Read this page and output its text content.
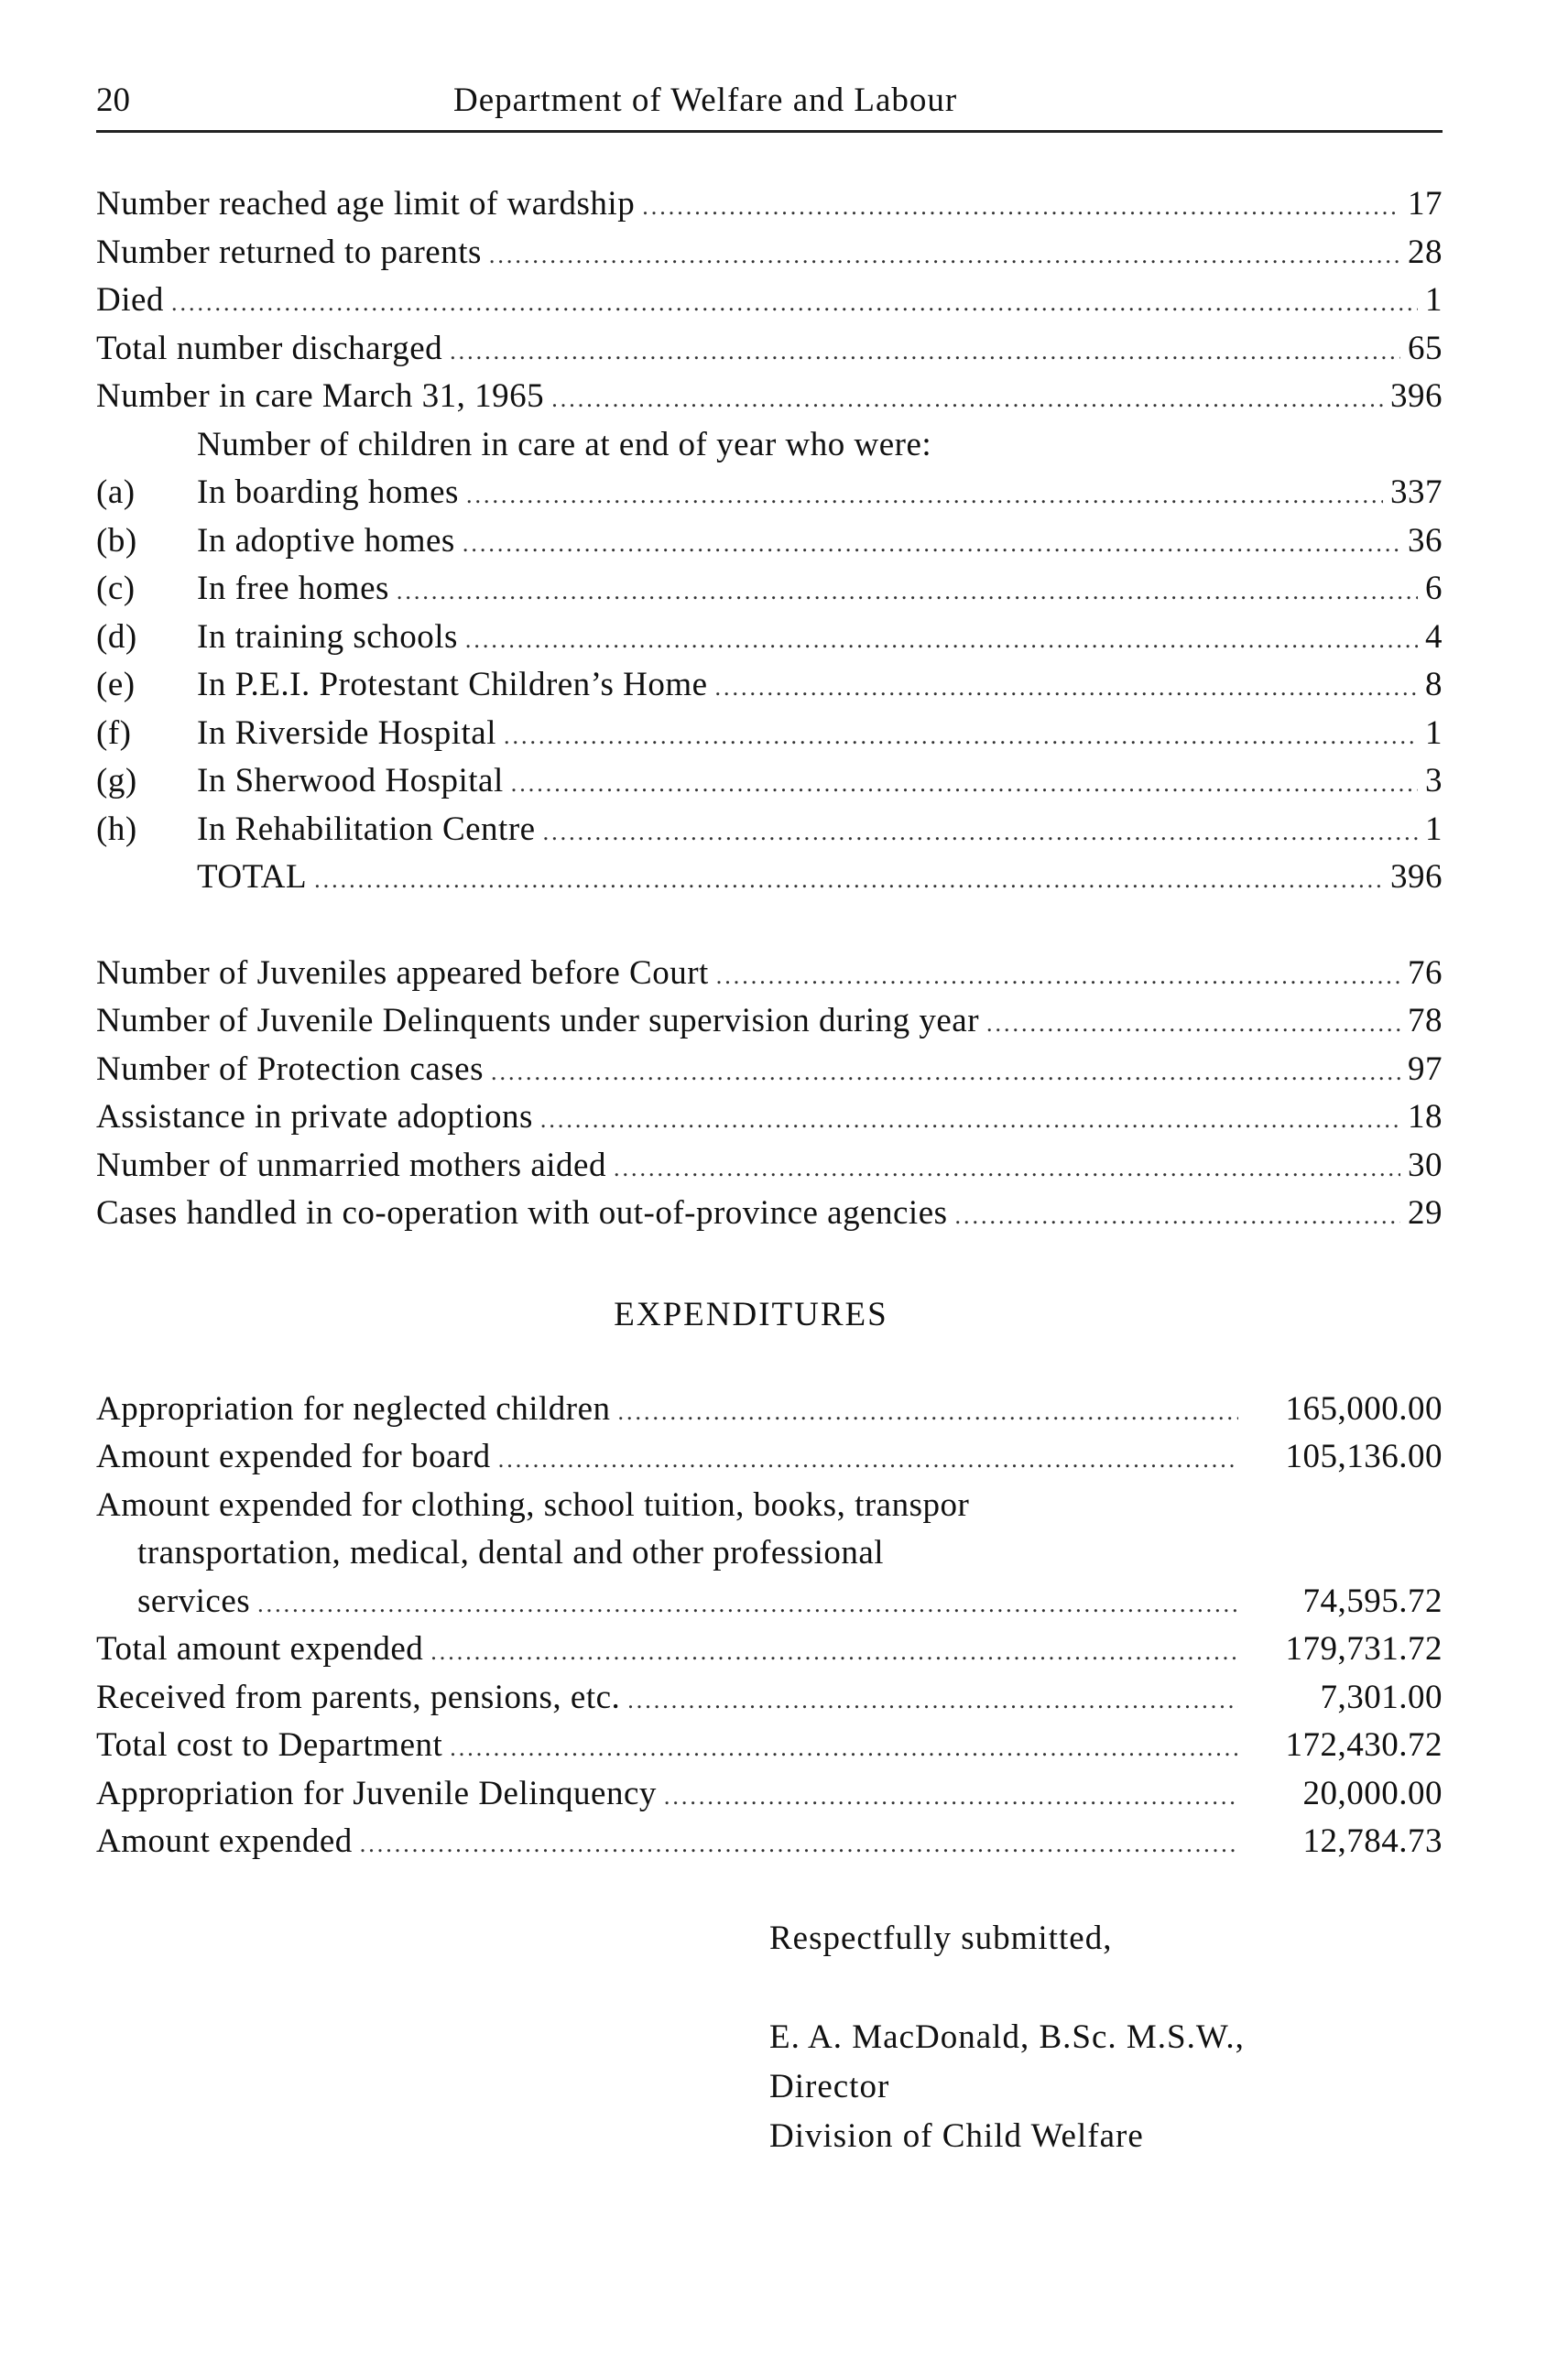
20	Department of Welfare and Labour
Number reached age limit of wardship .....	17
Number returned to parents .....	28
Died .....	1
Total number discharged .....	65
Number in care March 31, 1965 .....	396
Number of children in care at end of year who were:
(a)	In boarding homes .....	337
(b)	In adoptive homes .....	36
(c)	In free homes .....	6
(d)	In training schools .....	4
(e)	In P.E.I. Protestant Children’s Home .....	8
(f)	In Riverside Hospital .....	1
(g)	In Sherwood Hospital .....	3
(h)	In Rehabilitation Centre .....	1
TOTAL .....	396
Number of Juveniles appeared before Court .....	76
Number of Juvenile Delinquents under supervision during year .....	78
Number of Protection cases .....	97
Assistance in private adoptions .....	18
Number of unmarried mothers aided .....	30
Cases handled in co-operation with out-of-province agencies .....	29
EXPENDITURES
Appropriation for neglected children .....	165,000.00
Amount expended for board .....	105,136.00
Amount expended for clothing, school tuition, books, transpor
transportation, medical, dental and other professional
services .....	74,595.72
Total amount expended .....	179,731.72
Received from parents, pensions, etc. .....	7,301.00
Total cost to Department .....	172,430.72
Appropriation for Juvenile Delinquency .....	20,000.00
Amount expended .....	12,784.73
Respectfully submitted,
E. A. MacDonald, B.Sc. M.S.W.,
Director
Division of Child Welfare
